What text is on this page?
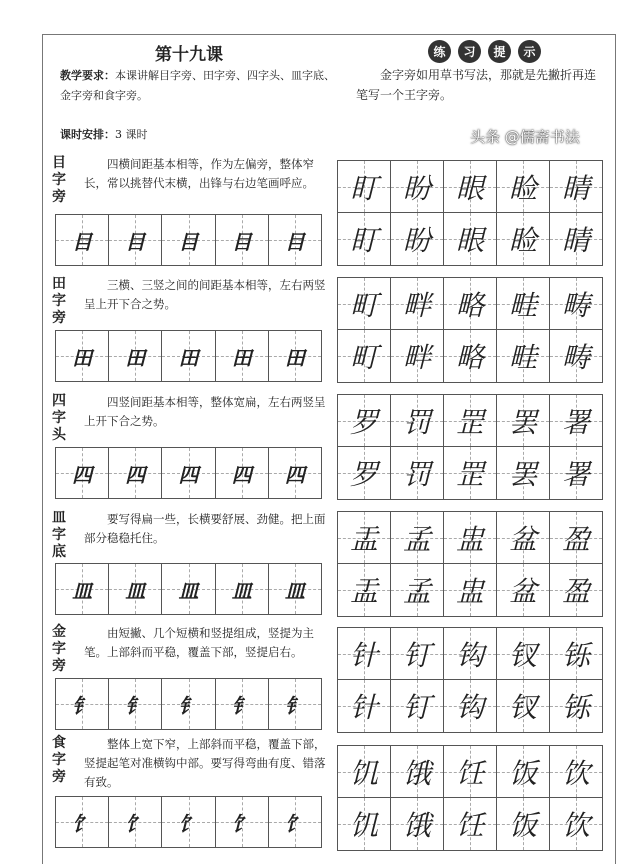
第十九课
教学要求：本课讲解目字旁、田字旁、四字头、皿字底、金字旁和食字旁。
课时安排：3 课时
练	习	提	示
金字旁如用草书写法，那就是先撇折再连笔写一个王字旁。
目字旁
四横间距基本相等，作为左偏旁，整体窄长，常以挑替代末横，出锋与右边笔画呼应。
目 目 目 目 目
盯 盼 眼 睑 睛
盯 盼 眼 睑 睛
田字旁
三横、三竖之间的间距基本相等，左右两竖呈上开下合之势。
田 田 田 田 田
町 畔 略 畦 畴
町 畔 略 畦 畴
四字头
四竖间距基本相等，整体宽扁，左右两竖呈上开下合之势。
四 四 四 四 四
罗 罚 罡 罢 署
罗 罚 罡 罢 署
皿字底
要写得扁一些，长横要舒展、劲健。把上面部分稳稳托住。
皿 皿 皿 皿 皿
盂 孟 盅 盆 盈
盂 孟 盅 盆 盈
金字旁
由短撇、几个短横和竖提组成，竖提为主笔。上部斜而平稳，覆盖下部，竖提启右。
钅 钅 钅 钅 钅
针 钉 钩 钗 铄
针 钉 钩 钗 铄
食字旁
整体上宽下窄，上部斜而平稳，覆盖下部，竖提起笔对准横钩中部。要写得弯曲有度、错落有致。
饣 饣 饣 饣 饣
饥 饿 饪 饭 饮
饥 饿 饪 饭 饮
头条 @儒斋书法
